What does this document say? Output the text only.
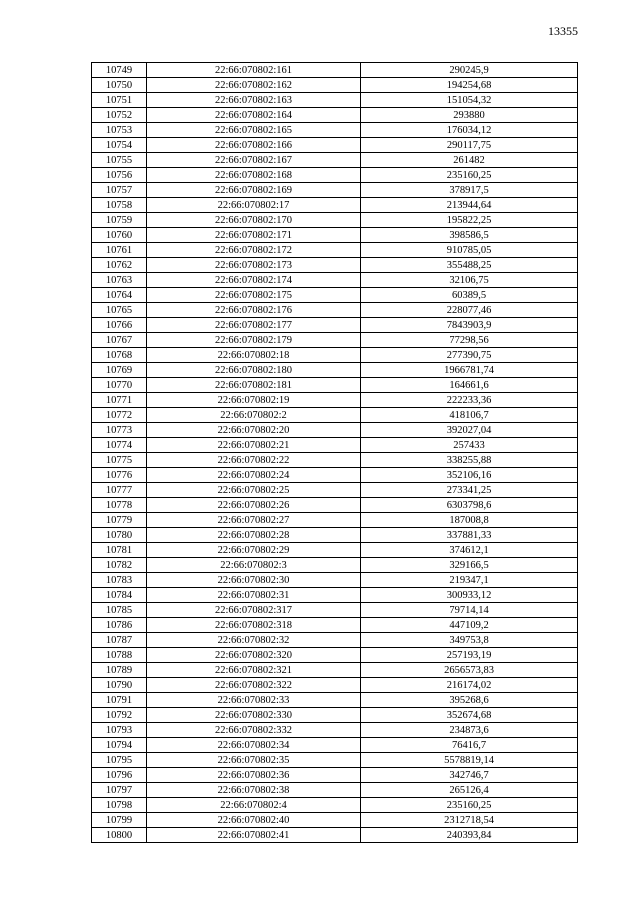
13355
10749	22:66:070802:161	290245,9
10750	22:66:070802:162	194254,68
10751	22:66:070802:163	151054,32
10752	22:66:070802:164	293880
10753	22:66:070802:165	176034,12
10754	22:66:070802:166	290117,75
10755	22:66:070802:167	261482
10756	22:66:070802:168	235160,25
10757	22:66:070802:169	378917,5
10758	22:66:070802:17	213944,64
10759	22:66:070802:170	195822,25
10760	22:66:070802:171	398586,5
10761	22:66:070802:172	910785,05
10762	22:66:070802:173	355488,25
10763	22:66:070802:174	32106,75
10764	22:66:070802:175	60389,5
10765	22:66:070802:176	228077,46
10766	22:66:070802:177	7843903,9
10767	22:66:070802:179	77298,56
10768	22:66:070802:18	277390,75
10769	22:66:070802:180	1966781,74
10770	22:66:070802:181	164661,6
10771	22:66:070802:19	222233,36
10772	22:66:070802:2	418106,7
10773	22:66:070802:20	392027,04
10774	22:66:070802:21	257433
10775	22:66:070802:22	338255,88
10776	22:66:070802:24	352106,16
10777	22:66:070802:25	273341,25
10778	22:66:070802:26	6303798,6
10779	22:66:070802:27	187008,8
10780	22:66:070802:28	337881,33
10781	22:66:070802:29	374612,1
10782	22:66:070802:3	329166,5
10783	22:66:070802:30	219347,1
10784	22:66:070802:31	300933,12
10785	22:66:070802:317	79714,14
10786	22:66:070802:318	447109,2
10787	22:66:070802:32	349753,8
10788	22:66:070802:320	257193,19
10789	22:66:070802:321	2656573,83
10790	22:66:070802:322	216174,02
10791	22:66:070802:33	395268,6
10792	22:66:070802:330	352674,68
10793	22:66:070802:332	234873,6
10794	22:66:070802:34	76416,7
10795	22:66:070802:35	5578819,14
10796	22:66:070802:36	342746,7
10797	22:66:070802:38	265126,4
10798	22:66:070802:4	235160,25
10799	22:66:070802:40	2312718,54
10800	22:66:070802:41	240393,84
